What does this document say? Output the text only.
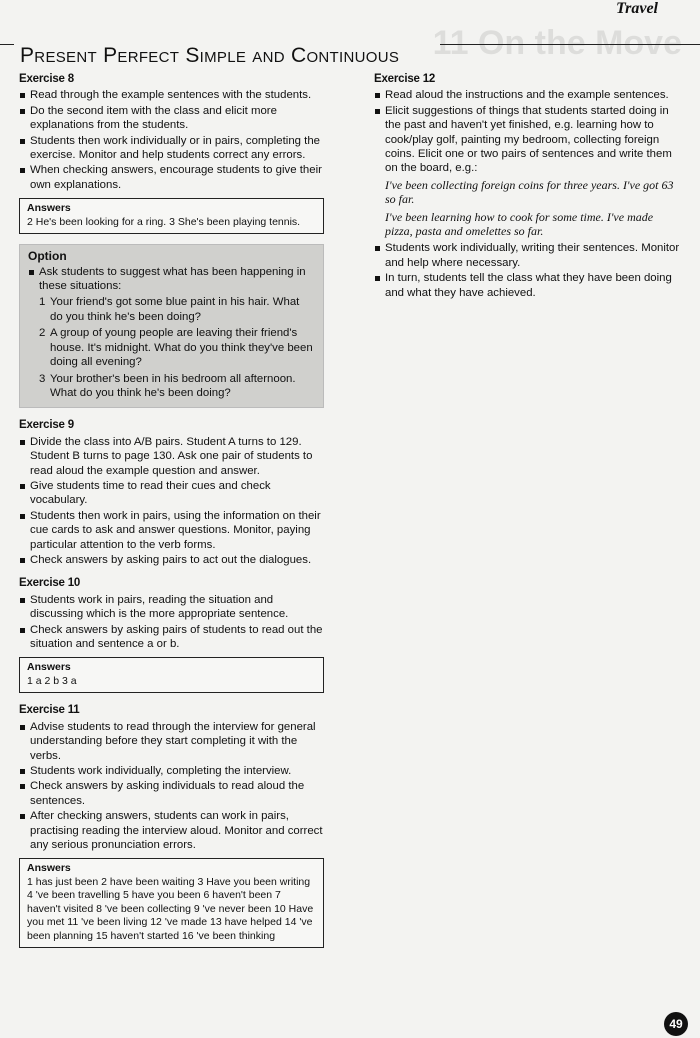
11 On the Move
Travel
Present Perfect Simple and Continuous
Exercise 8
Read through the example sentences with the students.
Do the second item with the class and elicit more explanations from the students.
Students then work individually or in pairs, completing the exercise. Monitor and help students correct any errors.
When checking answers, encourage students to give their own explanations.
Answers
2 He's been looking for a ring. 3 She's been playing tennis.
Option
Ask students to suggest what has been happening in these situations:
1 Your friend's got some blue paint in his hair. What do you think he's been doing?
2 A group of young people are leaving their friend's house. It's midnight. What do you think they've been doing all evening?
3 Your brother's been in his bedroom all afternoon. What do you think he's been doing?
Exercise 9
Divide the class into A/B pairs. Student A turns to 129. Student B turns to page 130. Ask one pair of students to read aloud the example question and answer.
Give students time to read their cues and check vocabulary.
Students then work in pairs, using the information on their cue cards to ask and answer questions. Monitor, paying particular attention to the verb forms.
Check answers by asking pairs to act out the dialogues.
Exercise 10
Students work in pairs, reading the situation and discussing which is the more appropriate sentence.
Check answers by asking pairs of students to read out the situation and sentence a or b.
Answers
1 a 2 b 3 a
Exercise 11
Advise students to read through the interview for general understanding before they start completing it with the verbs.
Students work individually, completing the interview.
Check answers by asking individuals to read aloud the sentences.
After checking answers, students can work in pairs, practising reading the interview aloud. Monitor and correct any serious pronunciation errors.
Answers
1 has just been 2 have been waiting 3 Have you been writing 4 've been travelling 5 have you been 6 haven't been 7 haven't visited 8 've been collecting 9 've never been 10 Have you met 11 've been living 12 've made 13 have helped 14 've been planning 15 haven't started 16 've been thinking
Exercise 12
Read aloud the instructions and the example sentences.
Elicit suggestions of things that students started doing in the past and haven't yet finished, e.g. learning how to cook/play golf, painting my bedroom, collecting foreign coins. Elicit one or two pairs of sentences and write them on the board, e.g.:

I've been collecting foreign coins for three years. I've got 63 so far.

I've been learning how to cook for some time. I've made pizza, pasta and omelettes so far.

Students work individually, writing their sentences. Monitor and help where necessary.
In turn, students tell the class what they have been doing and what they have achieved.
49
